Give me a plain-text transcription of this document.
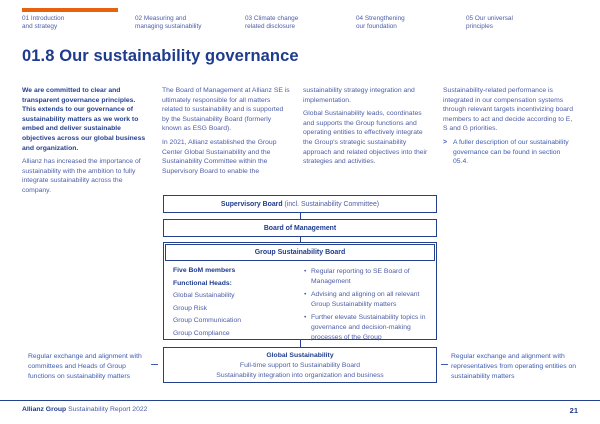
01 Introduction
and strategy
02 Measuring and
managing sustainability
03 Climate change
related disclosure
04 Strengthening
our foundation
05 Our universal
principles
01.8 Our sustainability governance

We are committed to clear and transparent governance principles. This extends to our governance of sustainability matters as we work to embed and deliver sustainable objectives across our global business and organization.

Allianz has increased the importance of sustainability with the ambition to fully integrate sustainability across the company.

The Board of Management at Allianz SE is ultimately responsible for all matters related to sustainability and is supported by the Sustainability Board (formerly known as ESG Board).

In 2021, Allianz established the Group Center Global Sustainability and the Sustainability Committee within the Supervisory Board to enable the

sustainability strategy integration and implementation.

Global Sustainability leads, coordinates and supports the Group functions and operating entities to effectively integrate the Group's strategic sustainability approach and related objectives into their strategies and activities.

Sustainability-related performance is integrated in our compensation systems through relevant targets incentivizing board members to act and decide according to E, S and G priorities.

> A fuller description of our sustainability governance can be found in section 05.4.
Supervisory Board (incl. Sustainability Committee)
Board of Management
Group Sustainability Board
Five BoM members
Functional Heads:
Global Sustainability
Group Risk
Group Communication
Group Compliance
• Regular reporting to SE Board of Management
• Advising and aligning on all relevant Group Sustainability matters
• Further elevate Sustainability topics in governance and decision-making processes of the Group
Global Sustainability
Full-time support to Sustainability Board
Sustainability integration into organization and business
Regular exchange and alignment with committees and Heads of Group functions on sustainability matters
Regular exchange and alignment with representatives from operating entities on sustainability matters
Allianz Group Sustainability Report 2022	21
